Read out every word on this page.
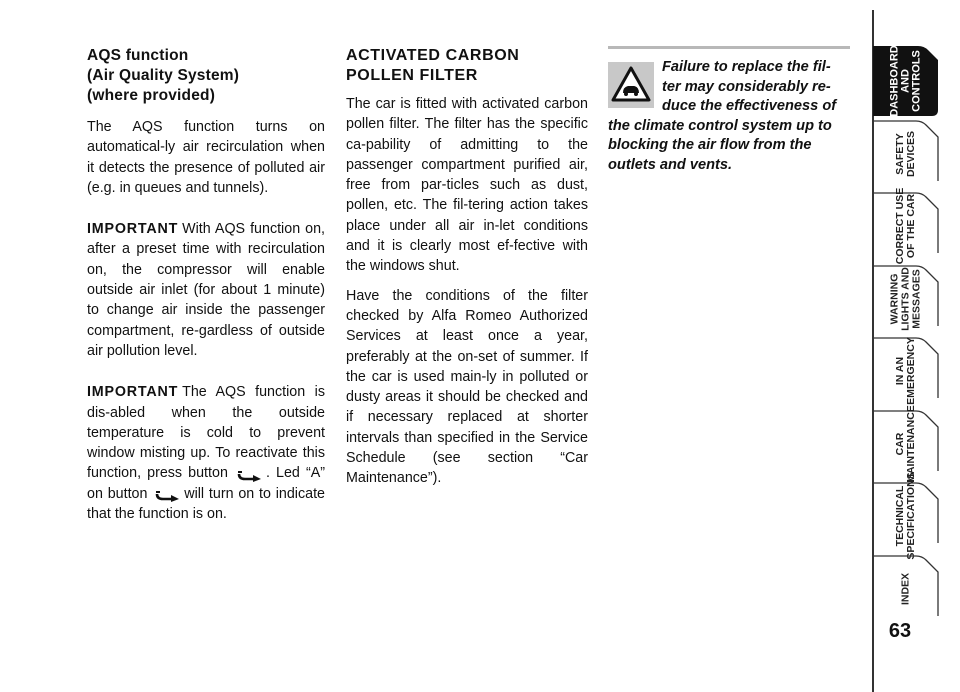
AQS function
(Air Quality System)
(where provided)

The AQS function turns on automatical-ly air recirculation when it detects the presence of polluted air (e.g. in queues and tunnels).

IMPORTANT With AQS function on, after a preset time with recirculation on, the compressor will enable outside air inlet (for about 1 minute) to change air inside the passenger compartment, re-gardless of outside air pollution level.

IMPORTANT The AQS function is dis-abled when the outside temperature is cold to prevent window misting up. To reactivate this function, press button	. Led “A” on button	will turn on to indicate that the function is on.

ACTIVATED CARBON
POLLEN FILTER

The car is fitted with activated carbon pollen filter. The filter has the specific ca-pability of admitting to the passenger compartment purified air, free from par-ticles such as dust, pollen, etc. The fil-tering action takes place under all air in-let conditions and it is clearly most ef-fective with the windows shut.

Have the conditions of the filter checked by Alfa Romeo Authorized Services at least once a year, preferably at the on-set of summer. If the car is used main-ly in polluted or dusty areas it should be checked and if necessary replaced at shorter intervals than specified in the Service Schedule (see section “Car Maintenance”).

Failure to replace the fil-
ter may considerably re-
duce the effectiveness of
the climate control system up to
blocking the air flow from the
outlets and vents.
DASHBOARD
AND
CONTROLS
SAFETY
DEVICES
CORRECT USE
OF THE CAR
WARNING
LIGHTS AND
MESSAGES
IN AN
EMERGENCY
CAR
MAINTENANCE
TECHNICAL
SPECIFICATIONS
INDEX
63
